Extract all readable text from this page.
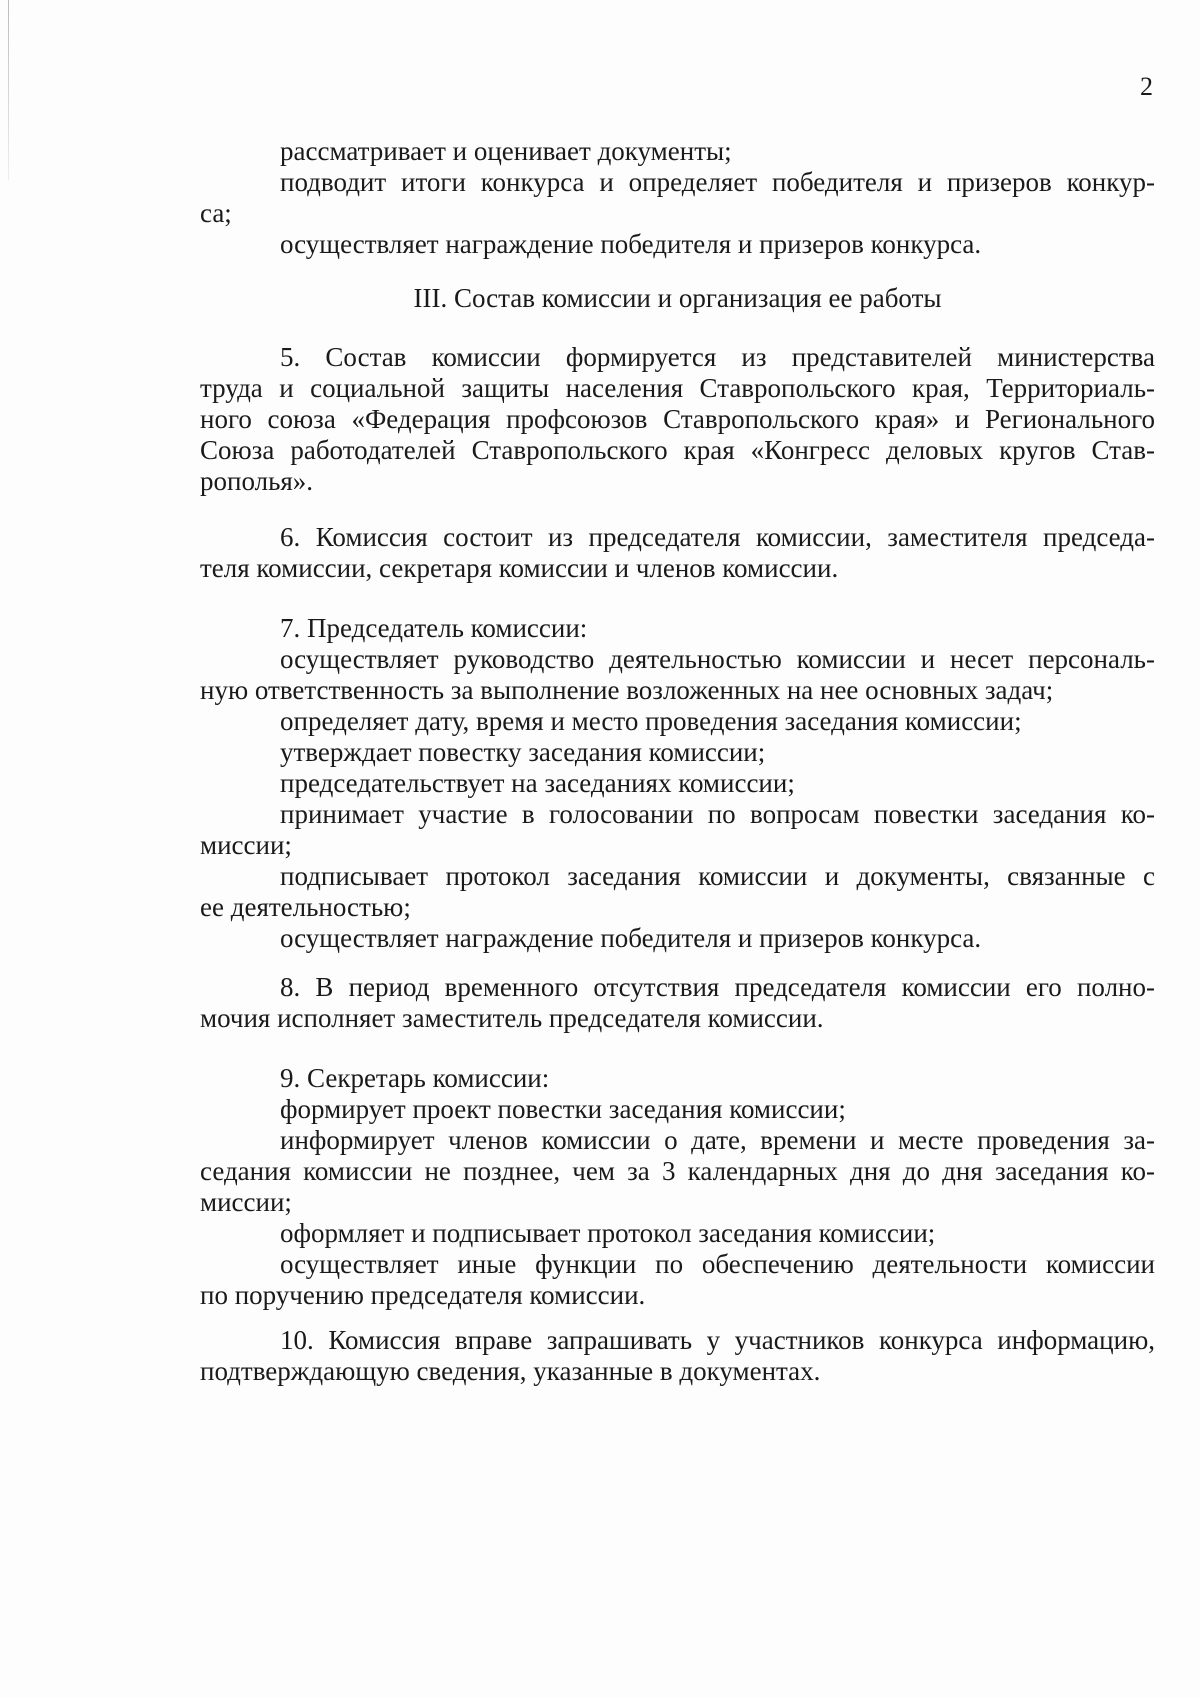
2
рассматривает и оценивает документы;
подводит итоги конкурса и определяет победителя и призеров конкур-
са;
осуществляет награждение победителя и призеров конкурса.
III. Состав комиссии и организация ее работы
5. Состав комиссии формируется из представителей министерства
труда и социальной защиты населения Ставропольского края, Территориаль-
ного союза «Федерация профсоюзов Ставропольского края» и Регионального
Союза работодателей Ставропольского края «Конгресс деловых кругов Став-
рополья».
6. Комиссия состоит из председателя комиссии, заместителя председа-
теля комиссии, секретаря комиссии и членов комиссии.
7. Председатель комиссии:
осуществляет руководство деятельностью комиссии и несет персональ-
ную ответственность за выполнение возложенных на нее основных задач;
определяет дату, время и место проведения заседания комиссии;
утверждает повестку заседания комиссии;
председательствует на заседаниях комиссии;
принимает участие в голосовании по вопросам повестки заседания ко-
миссии;
подписывает протокол заседания комиссии и документы, связанные с
ее деятельностью;
осуществляет награждение победителя и призеров конкурса.
8. В период временного отсутствия председателя комиссии его полно-
мочия исполняет заместитель председателя комиссии.
9. Секретарь комиссии:
формирует проект повестки заседания комиссии;
информирует членов комиссии о дате, времени и месте проведения за-
седания комиссии не позднее, чем за 3 календарных дня до дня заседания ко-
миссии;
оформляет и подписывает протокол заседания комиссии;
осуществляет иные функции по обеспечению деятельности комиссии
по поручению председателя комиссии.
10. Комиссия вправе запрашивать у участников конкурса информацию,
подтверждающую сведения, указанные в документах.
